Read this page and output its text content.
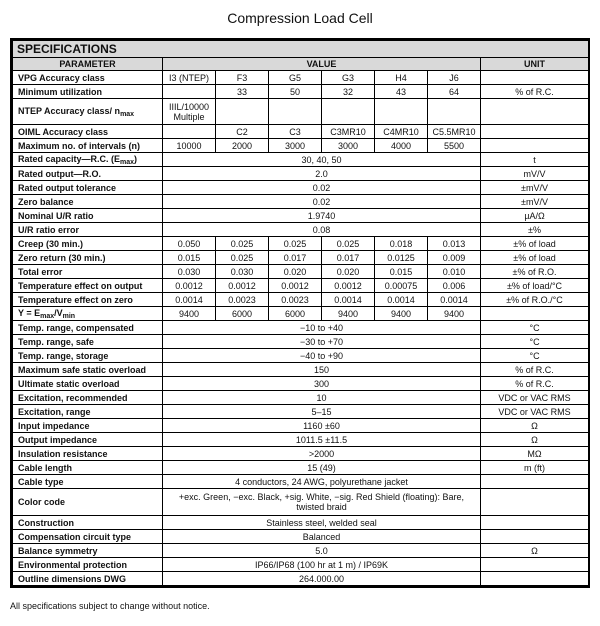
Compression Load Cell
SPECIFICATIONS							
PARAMETER	VALUE						UNIT
VPG Accuracy class	I3 (NTEP)	F3	G5	G3	H4	J6	
Minimum utilization		33	50	32	43	64	% of R.C.
NTEP Accuracy class/ $n_{max}$	IIIL/10000 Multiple						
OIML Accuracy class		C2	C3	C3MR10	C4MR10	C5.5MR10	
Maximum no. of intervals (n)	10000	2000	3000	3000	4000	5500	
Rated capacity—R.C. $(E_{max})$	30, 40, 50						t
Rated output—R.O.	2.0						mV/V
Rated output tolerance	0.02						±mV/V
Zero balance	0.02						±mV/V
Nominal U/R ratio	1.9740						µA/Ω
U/R ratio error	0.08						±%
Creep (30 min.)	0.050	0.025	0.025	0.025	0.018	0.013	±% of load
Zero return (30 min.)	0.015	0.025	0.017	0.017	0.0125	0.009	±% of load
Total error	0.030	0.030	0.020	0.020	0.015	0.010	±% of R.O.
Temperature effect on output	0.0012	0.0012	0.0012	0.0012	0.00075	0.006	±% of load/°C
Temperature effect on zero	0.0014	0.0023	0.0023	0.0014	0.0014	0.0014	±% of R.O./°C
$Y = E_{max}/V_{min}$	9400	6000	6000	9400	9400	9400	
Temp. range, compensated	−10 to +40						°C
Temp. range, safe	−30 to +70						°C
Temp. range, storage	−40 to +90						°C
Maximum safe static overload	150						% of R.C.
Ultimate static overload	300						% of R.C.
Excitation, recommended	10						VDC or VAC RMS
Excitation, range	5–15						VDC or VAC RMS
Input impedance	1160 ±60						Ω
Output impedance	1011.5 ±11.5						Ω
Insulation resistance	>2000						MΩ
Cable length	15 (49)						m (ft)
Cable type	4 conductors, 24 AWG, polyurethane jacket						
Color code	+exc. Green, −exc. Black, +sig. White, −sig. Red Shield (floating): Bare, twisted braid						
Construction	Stainless steel, welded seal						
Compensation circuit type	Balanced						
Balance symmetry	5.0						Ω
Environmental protection	IP66/IP68 (100 hr at 1 m) / IP69K						
Outline dimensions DWG	264.000.00						
All specifications subject to change without notice.
